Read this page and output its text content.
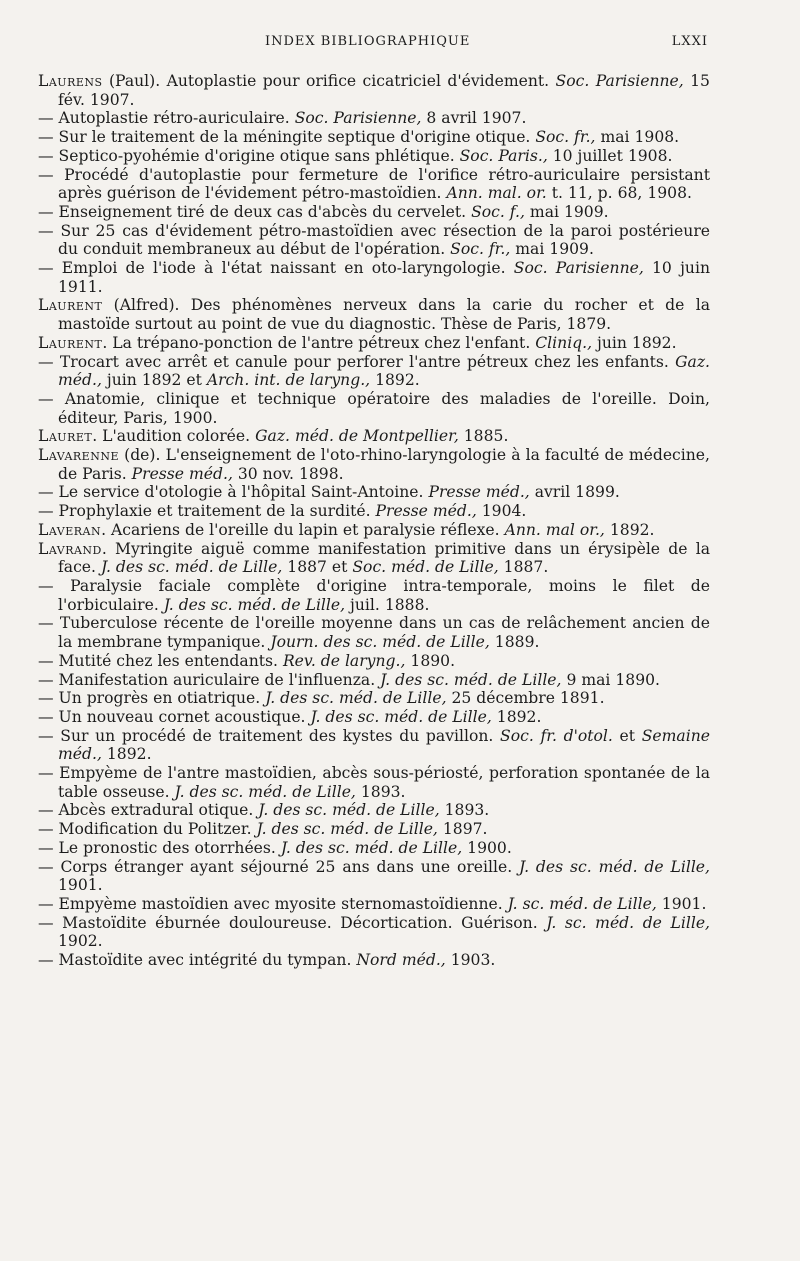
INDEX BIBLIOGRAPHIQUE	LXXI
Laurens (Paul). Autoplastie pour orifice cicatriciel d'évidement. Soc. Parisienne, 15 fév. 1907.
— Autoplastie rétro-auriculaire. Soc. Parisienne, 8 avril 1907.
— Sur le traitement de la méningite septique d'origine otique. Soc. fr., mai 1908.
— Septico-pyohémie d'origine otique sans phlétique. Soc. Paris., 10 juillet 1908.
— Procédé d'autoplastie pour fermeture de l'orifice rétro-auriculaire persistant après guérison de l'évidement pétro-mastoïdien. Ann. mal. or. t. 11, p. 68, 1908.
— Enseignement tiré de deux cas d'abcès du cervelet. Soc. f., mai 1909.
— Sur 25 cas d'évidement pétro-mastoïdien avec résection de la paroi postérieure du conduit membraneux au début de l'opération. Soc. fr., mai 1909.
— Emploi de l'iode à l'état naissant en oto-laryngologie. Soc. Parisienne, 10 juin 1911.
Laurent (Alfred). Des phénomènes nerveux dans la carie du rocher et de la mastoïde surtout au point de vue du diagnostic. Thèse de Paris, 1879.
Laurent. La trépano-ponction de l'antre pétreux chez l'enfant. Cliniq., juin 1892.
— Trocart avec arrêt et canule pour perforer l'antre pétreux chez les enfants. Gaz. méd., juin 1892 et Arch. int. de laryng., 1892.
— Anatomie, clinique et technique opératoire des maladies de l'oreille. Doin, éditeur, Paris, 1900.
Lauret. L'audition colorée. Gaz. méd. de Montpellier, 1885.
Lavarenne (de). L'enseignement de l'oto-rhino-laryngologie à la faculté de médecine, de Paris. Presse méd., 30 nov. 1898.
— Le service d'otologie à l'hôpital Saint-Antoine. Presse méd., avril 1899.
— Prophylaxie et traitement de la surdité. Presse méd., 1904.
Laveran. Acariens de l'oreille du lapin et paralysie réflexe. Ann. mal or., 1892.
Lavrand. Myringite aiguë comme manifestation primitive dans un érysipèle de la face. J. des sc. méd. de Lille, 1887 et Soc. méd. de Lille, 1887.
— Paralysie faciale complète d'origine intra-temporale, moins le filet de l'orbiculaire. J. des sc. méd. de Lille, juil. 1888.
— Tuberculose récente de l'oreille moyenne dans un cas de relâchement ancien de la membrane tympanique. Journ. des sc. méd. de Lille, 1889.
— Mutité chez les entendants. Rev. de laryng., 1890.
— Manifestation auriculaire de l'influenza. J. des sc. méd. de Lille, 9 mai 1890.
— Un progrès en otiatrique. J. des sc. méd. de Lille, 25 décembre 1891.
— Un nouveau cornet acoustique. J. des sc. méd. de Lille, 1892.
— Sur un procédé de traitement des kystes du pavillon. Soc. fr. d'otol. et Semaine méd., 1892.
— Empyème de l'antre mastoïdien, abcès sous-périosté, perforation spontanée de la table osseuse. J. des sc. méd. de Lille, 1893.
— Abcès extradural otique. J. des sc. méd. de Lille, 1893.
— Modification du Politzer. J. des sc. méd. de Lille, 1897.
— Le pronostic des otorrhées. J. des sc. méd. de Lille, 1900.
— Corps étranger ayant séjourné 25 ans dans une oreille. J. des sc. méd. de Lille, 1901.
— Empyème mastoïdien avec myosite sternomastoïdienne. J. sc. méd. de Lille, 1901.
— Mastoïdite éburnée douloureuse. Décortication. Guérison. J. sc. méd. de Lille, 1902.
— Mastoïdite avec intégrité du tympan. Nord méd., 1903.
